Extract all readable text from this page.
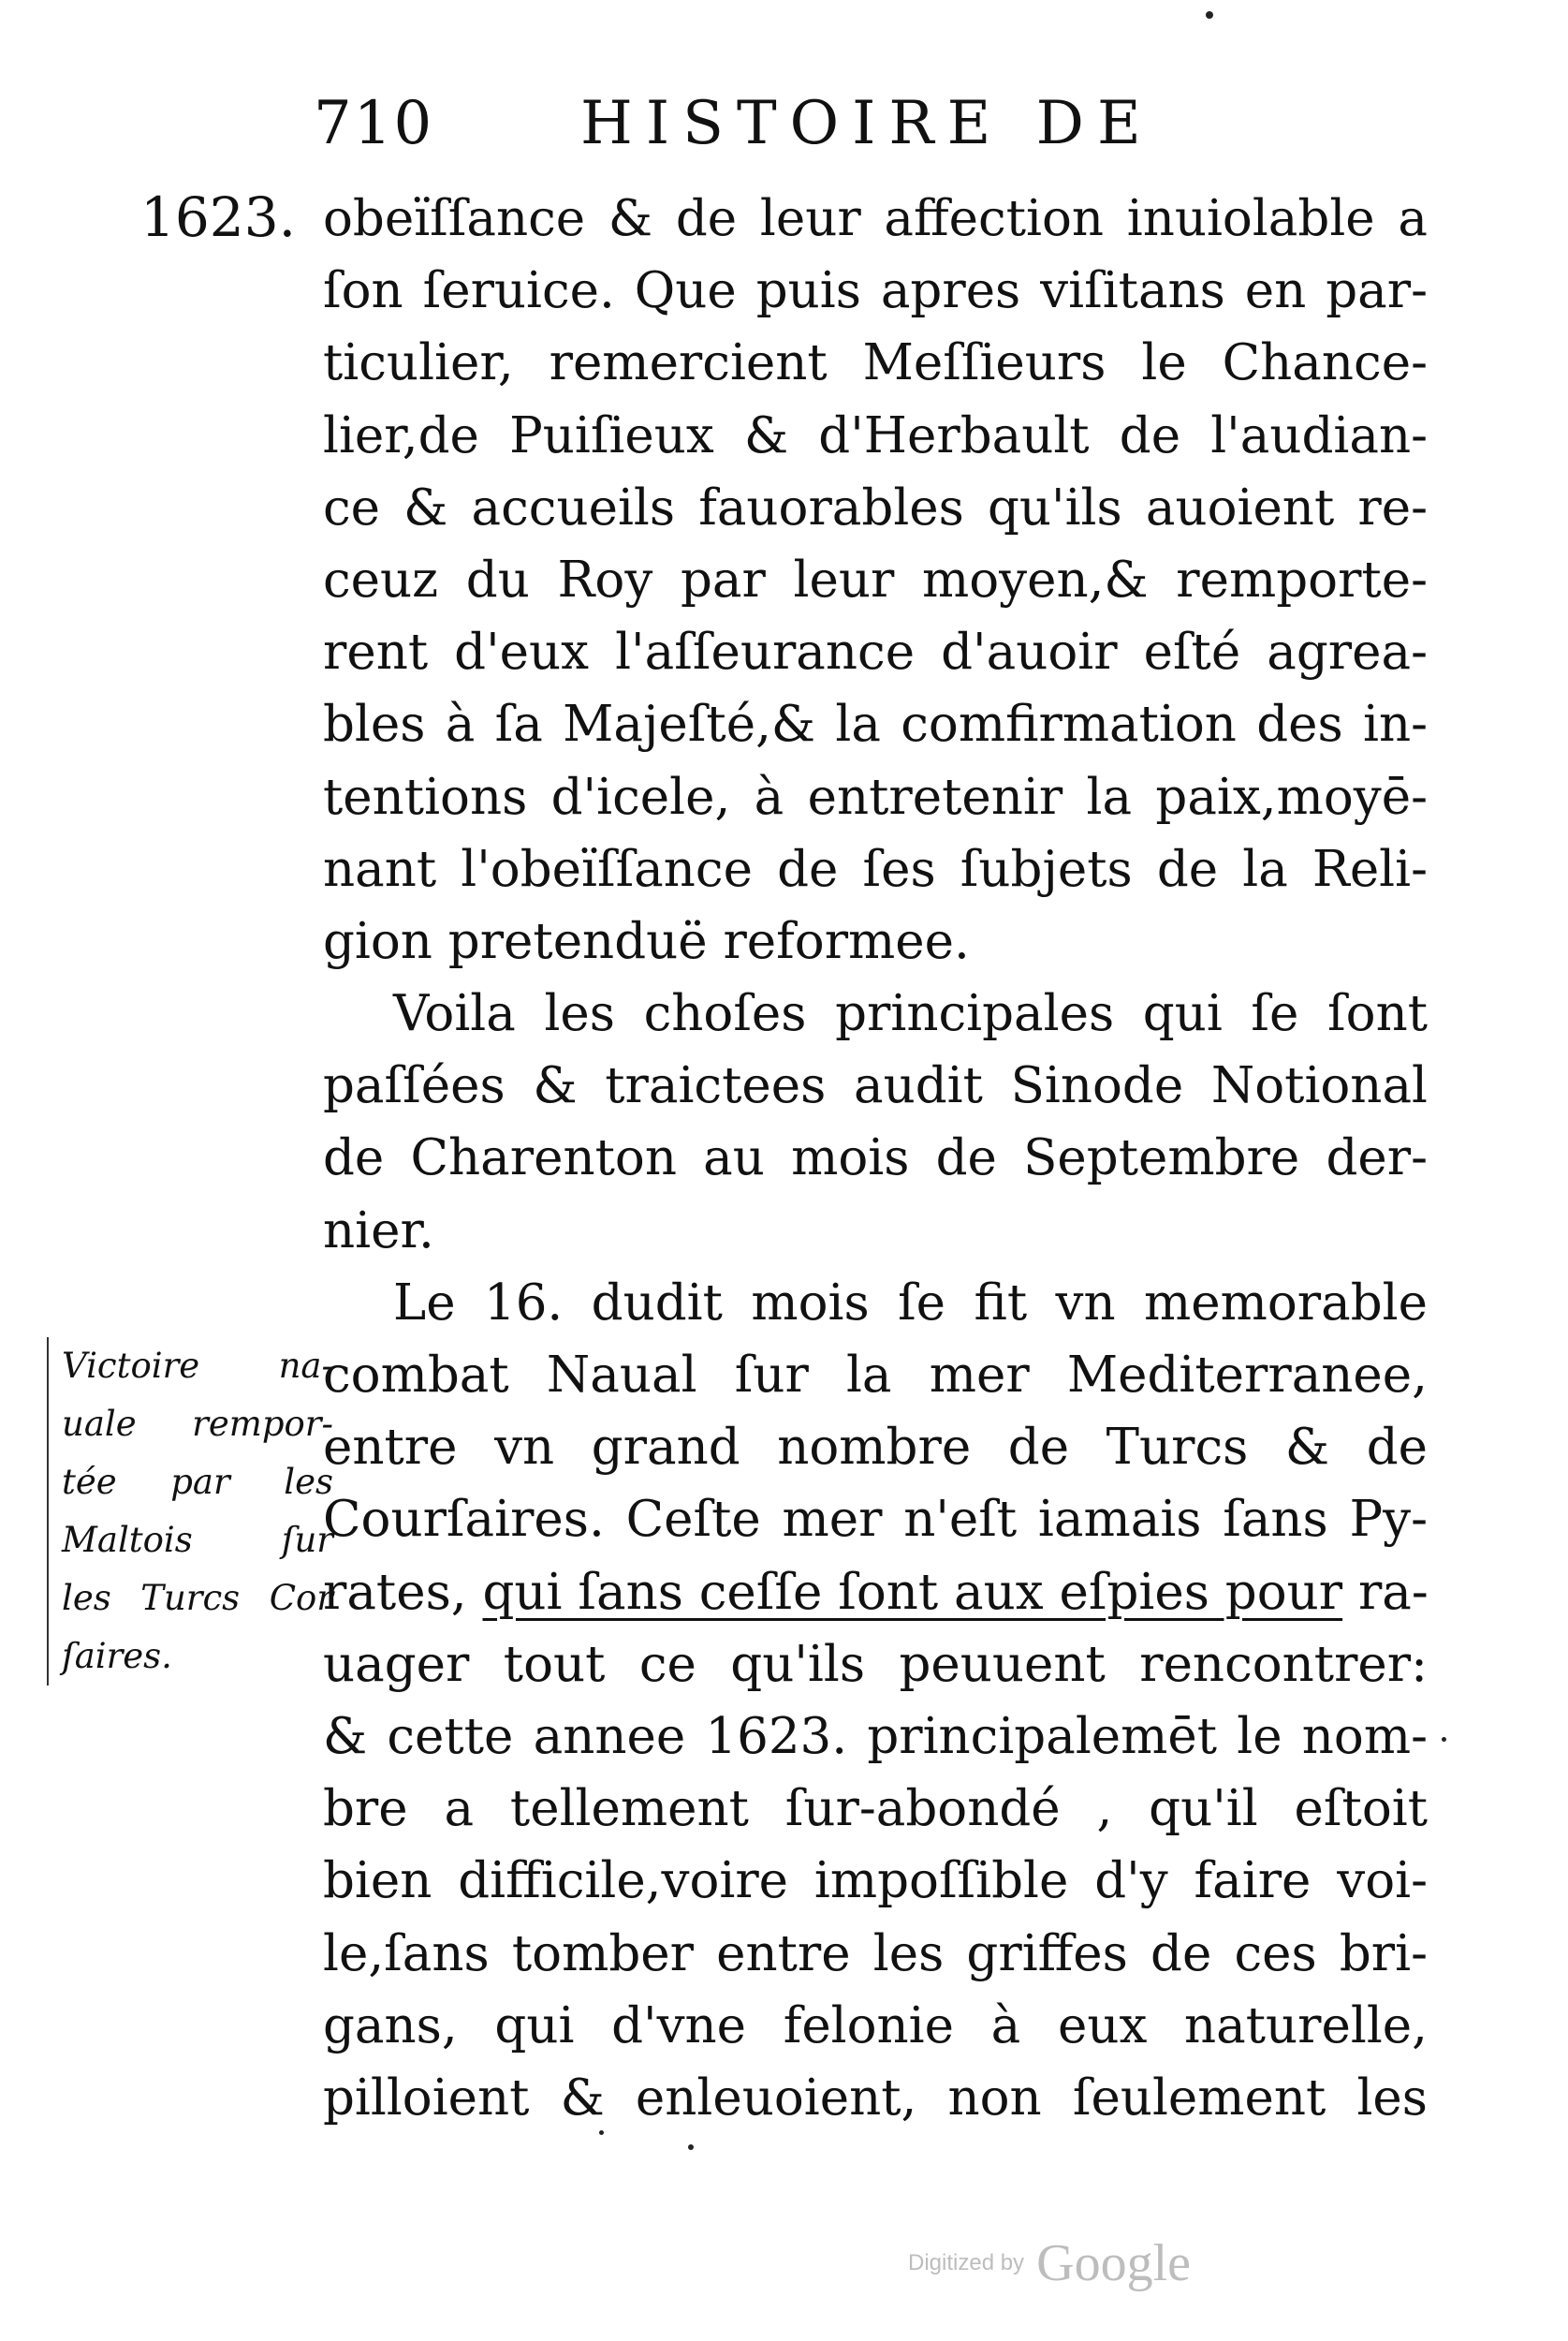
710 HISTOIRE DE
1623. obeïſſance & de leur affection inuiolable a
ſon ſeruice. Que puis apres viſitans en par-
ticulier, remercient Meſſieurs le Chance-
lier,de Puiſieux & d'Herbault de l'audian-
ce & accueils fauorables qu'ils auoient re-
ceuz du Roy par leur moyen,& remporte-
rent d'eux l'aſſeurance d'auoir eſté agrea-
bles à ſa Majeſté,& la comfirmation des in-
tentions d'icele, à entretenir la paix,moyē-
nant l'obeïſſance de ſes ſubjets de la Reli-
gion pretenduë reformee.
Voila les choſes principales qui ſe ſont
paſſées & traictees audit Sinode Notional
de Charenton au mois de Septembre der-
nier.
Le 16. dudit mois ſe fit vn memorable
combat Naual ſur la mer Mediterranee,
entre vn grand nombre de Turcs & de
Courſaires. Ceſte mer n'eſt iamais ſans Py-
rates, qui ſans ceſſe ſont aux eſpies pour ra-
uager tout ce qu'ils peuuent rencontrer:
& cette annee 1623. principalemēt le nom-
bre a tellement ſur-abondé , qu'il eſtoit
bien difficile,voire impoſſible d'y faire voi-
le,ſans tomber entre les griffes de ces bri-
gans, qui d'vne felonie à eux naturelle,
pilloient & enleuoient, non ſeulement les
Victoire na-
uale rempor-
tée par les
Maltois ſur
les Turcs Cor
ſaires.
Digitized by Google
